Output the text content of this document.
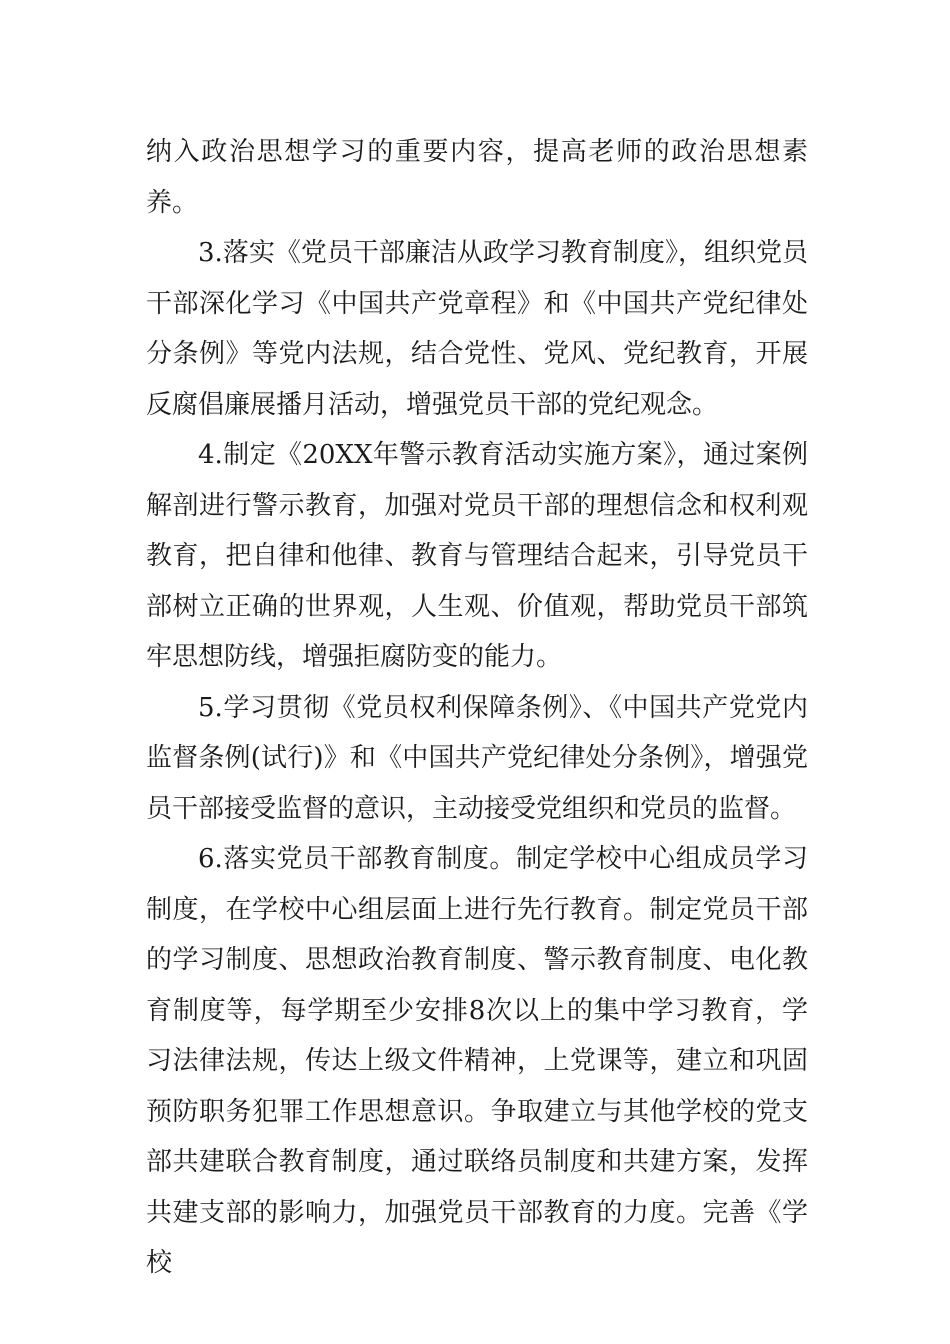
纳入政治思想学习的重要内容，提高老师的政治思想素养。

3.落实《党员干部廉洁从政学习教育制度》，组织党员干部深化学习《中国共产党章程》和《中国共产党纪律处分条例》等党内法规，结合党性、党风、党纪教育，开展反腐倡廉展播月活动，增强党员干部的党纪观念。

4.制定《20XX年警示教育活动实施方案》，通过案例解剖进行警示教育，加强对党员干部的理想信念和权利观教育，把自律和他律、教育与管理结合起来，引导党员干部树立正确的世界观，人生观、价值观，帮助党员干部筑牢思想防线，增强拒腐防变的能力。

5.学习贯彻《党员权利保障条例》、《中国共产党党内监督条例(试行)》和《中国共产党纪律处分条例》，增强党员干部接受监督的意识，主动接受党组织和党员的监督。

6.落实党员干部教育制度。制定学校中心组成员学习制度，在学校中心组层面上进行先行教育。制定党员干部的学习制度、思想政治教育制度、警示教育制度、电化教育制度等，每学期至少安排8次以上的集中学习教育，学习法律法规，传达上级文件精神，上党课等，建立和巩固预防职务犯罪工作思想意识。争取建立与其他学校的党支部共建联合教育制度，通过联络员制度和共建方案，发挥共建支部的影响力，加强党员干部教育的力度。完善《学校
